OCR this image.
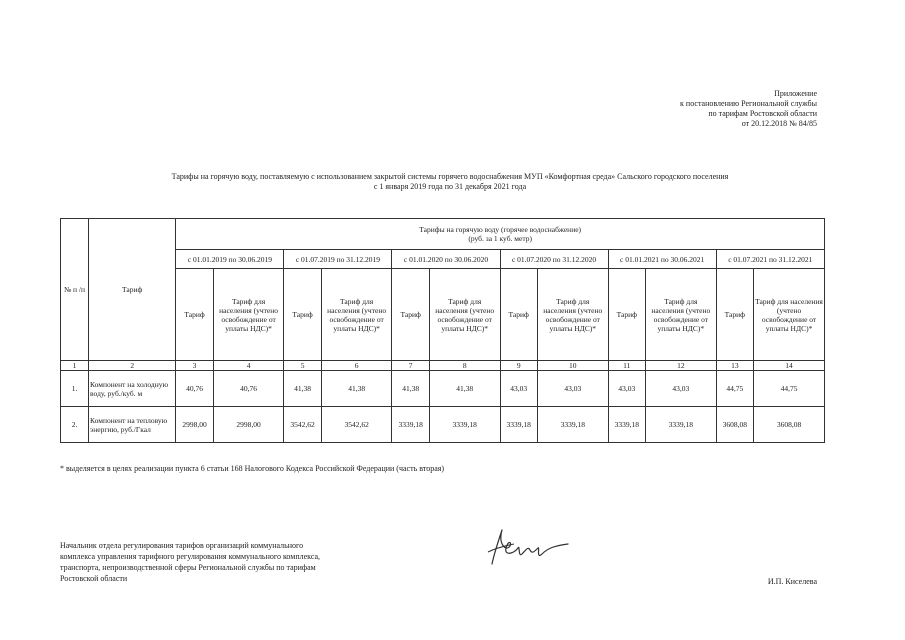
Приложение
к постановлению Региональной службы
по тарифам Ростовской области
от 20.12.2018 № 84/85
Тарифы на горячую воду, поставляемую с использованием закрытой системы горячего водоснабжения МУП «Комфортная среда» Сальского городского поселения
с 1 января 2019 года по 31 декабря 2021 года
№ п /п	Тариф	Тарифы на горячую воду (горячее водоснабжение)
(руб. за 1 куб. метр)											

		с 01.01.2019 по 30.06.2019		с 01.07.2019 по 31.12.2019		с 01.01.2020 по 30.06.2020		с 01.07.2020 по 31.12.2020		с 01.01.2021 по 30.06.2021		с 01.07.2021 по 31.12.2021	
		Тариф	Тариф для населения (учтено освобождение от уплаты НДС)*	Тариф	Тариф для населения (учтено освобождение от уплаты НДС)*	Тариф	Тариф для населения (учтено освобождение от уплаты НДС)*	Тариф	Тариф для населения (учтено освобождение от уплаты НДС)*	Тариф	Тариф для населения (учтено освобождение от уплаты НДС)*	Тариф	Тариф для населения (учтено освобождение от уплаты НДС)*
1	2	3	4	5	6	7	8	9	10	11	12	13	14
1.	Компонент на холодную воду, руб./куб. м	40,76	40,76	41,38	41,38	41,38	41,38	43,03	43,03	43,03	43,03	44,75	44,75
2.	Компонент на тепловую энергию, руб./Гкал	2998,00	2998,00	3542,62	3542,62	3339,18	3339,18	3339,18	3339,18	3339,18	3339,18	3608,08	3608,08
* выделяется в целях реализации пункта 6 статьи 168 Налогового Кодекса Российской Федерации (часть вторая)
Начальник отдела регулирования тарифов организаций коммунального
комплекса управления тарифного регулирования коммунального комплекса,
транспорта, непроизводственной сферы Региональной службы по тарифам
Ростовской области	И.П. Киселева
